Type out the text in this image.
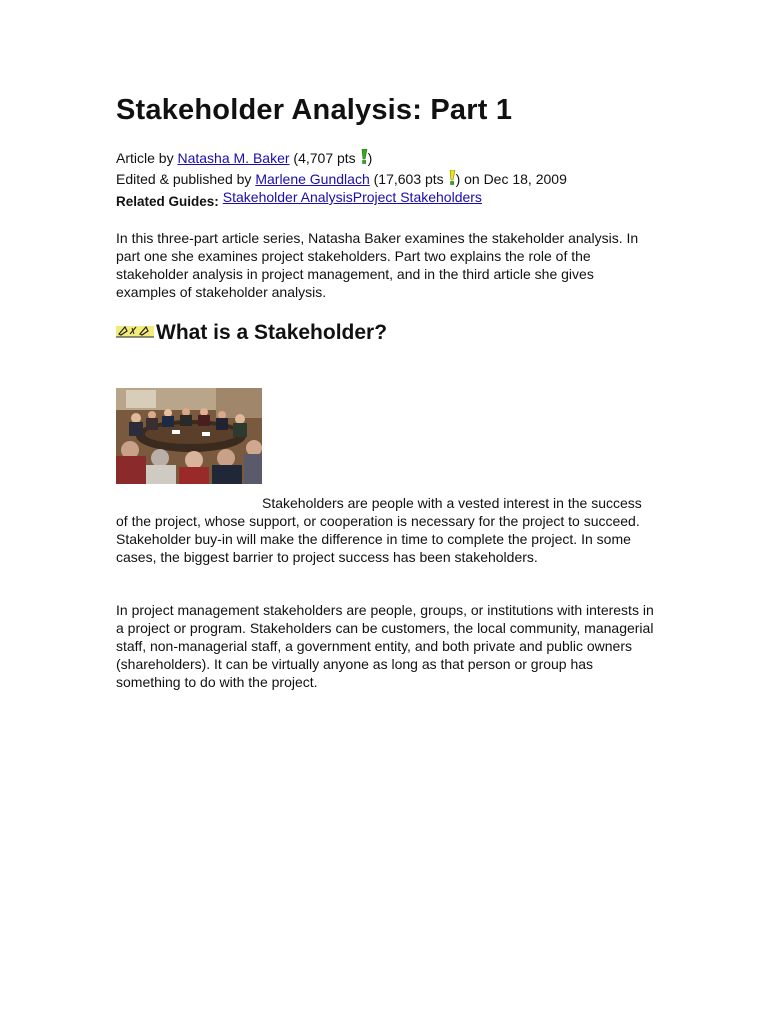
Stakeholder Analysis: Part 1
Article by Natasha M. Baker (4,707 pts )
Edited & published by Marlene Gundlach (17,603 pts ) on Dec 18, 2009
Related Guides: Stakeholder AnalysisProject Stakeholders

In this three-part article series, Natasha Baker examines the stakeholder analysis. In part one she examines project stakeholders. Part two explains the role of the stakeholder analysis in project management, and in the third article she gives examples of stakeholder analysis.

What is a Stakeholder?

Stakeholders are people with a vested interest in the success of the project, whose support, or cooperation is necessary for the project to succeed. Stakeholder buy-in will make the difference in time to complete the project. In some cases, the biggest barrier to project success has been stakeholders.

In project management stakeholders are people, groups, or institutions with interests in a project or program. Stakeholders can be customers, the local community, managerial staff, non-managerial staff, a government entity, and both private and public owners (shareholders). It can be virtually anyone as long as that person or group has something to do with the project.
